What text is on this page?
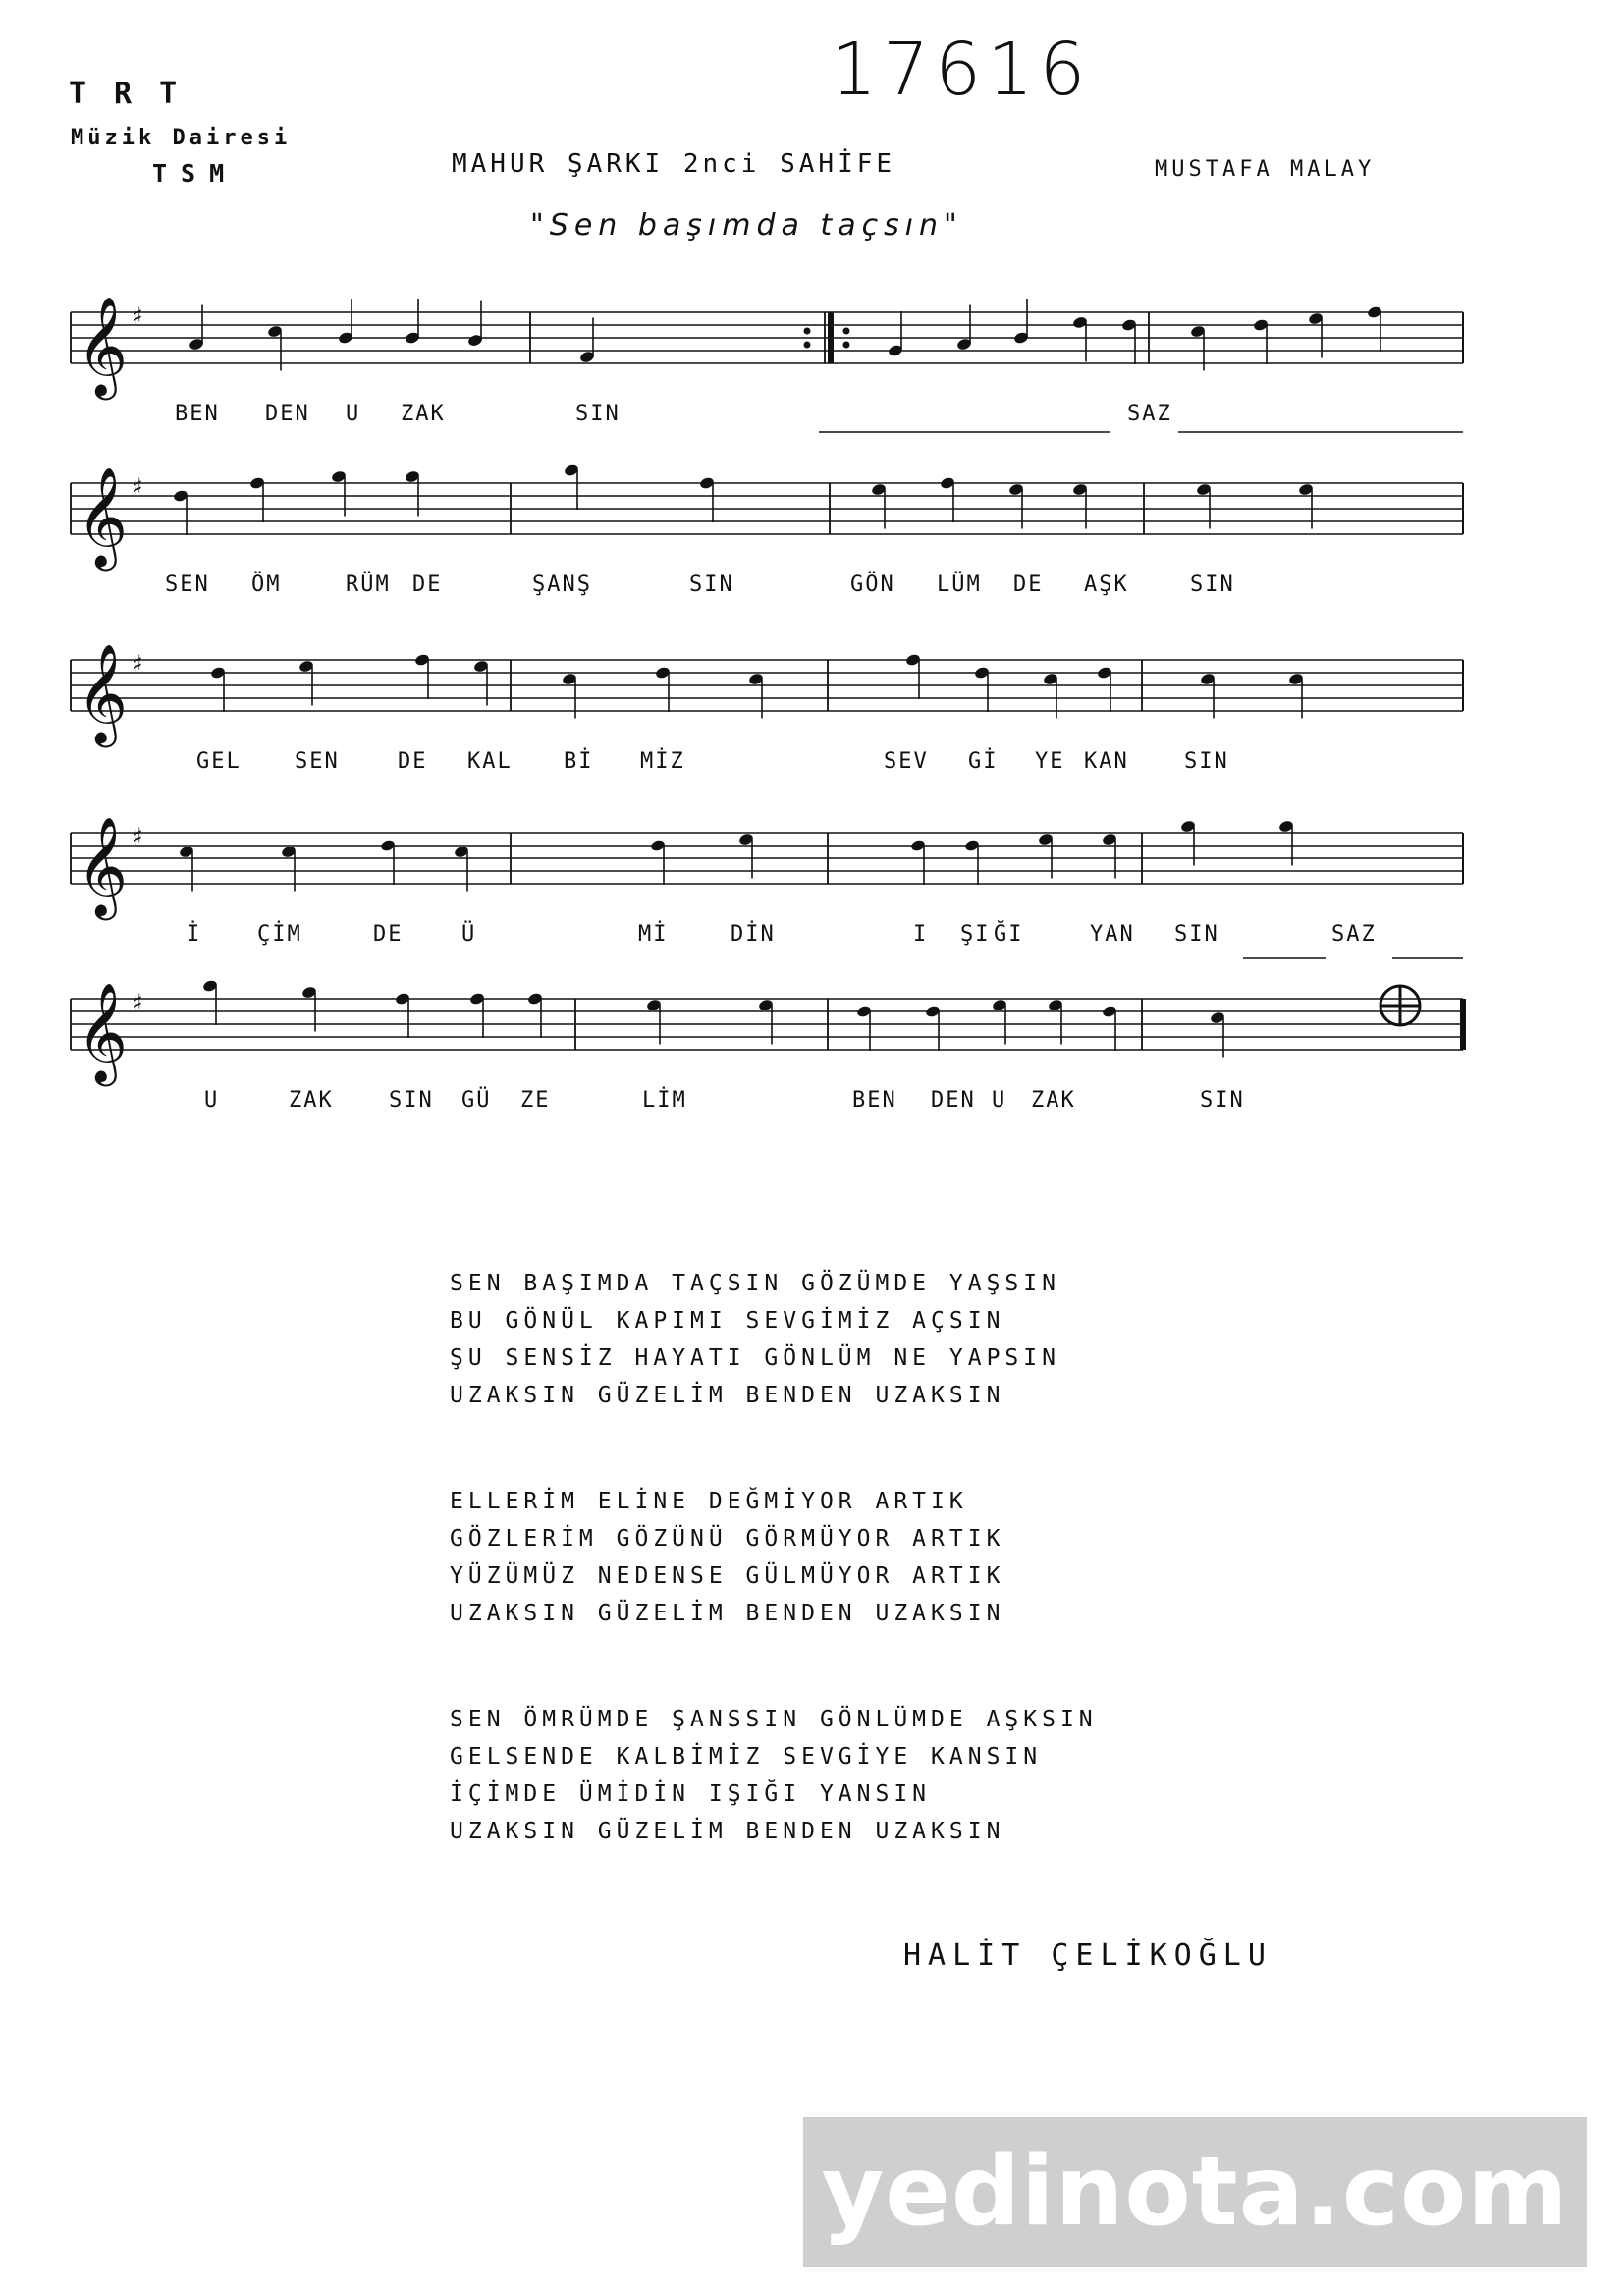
TRT
Müzik Dairesi
TSM
17616
MAHUR ŞARKI 2nci SAHİFE	MUSTAFA MALAY
"Sen başımda taçsın"
𝄞 ♯
BEN DEN U ZAK	SIN	SAZ
𝄞 ♯
SEN ÖM	RÜM DE	ŞANŞ	SIN	GÖN LÜM DE AŞK	SIN
𝄞 ♯
GEL SEN	DE KAL Bİ MİZ	SEV Gİ YE KAN	SIN
𝄞 ♯
İ	ÇİM	DE	Ü	Mİ	DİN	I ŞI ĞI	YAN SIN	SAZ
𝄞 ♯
U	ZAK	SIN GÜ ZE	LİM	BEN DEN U ZAK	SIN
SEN BAŞIMDA TAÇSIN GÖZÜMDE YAŞSIN
BU GÖNÜL KAPIMI SEVGİMİZ AÇSIN
ŞU SENSİZ HAYATI GÖNLÜM NE YAPSIN
UZAKSIN GÜZELİM BENDEN UZAKSIN
ELLERİM ELİNE DEĞMİYOR ARTIK
GÖZLERİM GÖZÜNÜ GÖRMÜYOR ARTIK
YÜZÜMÜZ NEDENSE GÜLMÜYOR ARTIK
UZAKSIN GÜZELİM BENDEN UZAKSIN
SEN ÖMRÜMDE ŞANSSIN GÖNLÜMDE AŞKSIN
GELSENDE KALBİMİZ SEVGİYE KANSIN
İÇİMDE ÜMİDİN IŞIĞI YANSIN
UZAKSIN GÜZELİM BENDEN UZAKSIN
HALİT ÇELİKOĞLU
yedinota.com
